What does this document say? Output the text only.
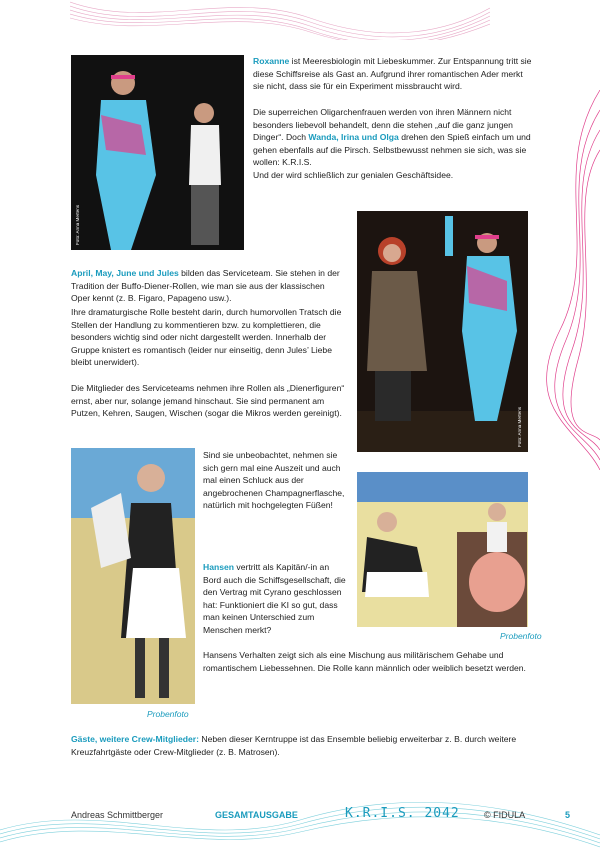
Foto: Anna Mertens

Roxanne ist Meeresbiologin mit Liebeskummer. Zur Entspannung tritt sie diese Schiffsreise als Gast an. Aufgrund ihrer romantischen Ader merkt sie nicht, dass sie für ein Experiment missbraucht wird.

Die superreichen Oligarchenfrauen werden von ihren Männern nicht besonders liebevoll behandelt, denn die stehen „auf die ganz jungen Dinger“. Doch Wanda, Irina und Olga drehen den Spieß einfach um und gehen ebenfalls auf die Pirsch. Selbstbewusst nehmen sie sich, was sie wollen: K.R.I.S.
Und der wird schließlich zur genialen Geschäftsidee.

Foto: Anna Mertens

April, May, June und Jules bilden das Serviceteam. Sie stehen in der Tradition der Buffo-Diener-Rollen, wie man sie aus der klassischen Oper kennt (z. B. Figaro, Papageno usw.).

Ihre dramaturgische Rolle besteht darin, durch humorvollen Tratsch die Stellen der Handlung zu kommentieren bzw. zu komplettieren, die besonders wichtig sind oder nicht dargestellt werden. Innerhalb der Gruppe knistert es romantisch (leider nur einseitig, denn Jules’ Liebe bleibt unerwidert).

Die Mitglieder des Serviceteams nehmen ihre Rollen als „Dienerfiguren“ ernst, aber nur, solange jemand hinschaut. Sie sind permanent am Putzen, Kehren, Saugen, Wischen (sogar die Mikros werden gereinigt).

Probenfoto

Sind sie unbeobachtet, nehmen sie sich gern mal eine Auszeit und auch mal einen Schluck aus der angebrochenen Champagnerflasche, natürlich mit hochgelegten Füßen!

Probenfoto

Hansen vertritt als Kapitän/-in an Bord auch die Schiffsgesellschaft, die den Vertrag mit Cyrano geschlossen hat: Funktioniert die KI so gut, dass man keinen Unterschied zum Menschen merkt?

Hansens Verhalten zeigt sich als eine Mischung aus militärischem Gehabe und romantischem Liebessehnen. Die Rolle kann männlich oder weiblich besetzt werden.

Gäste, weitere Crew-Mitglieder: Neben dieser Kerntruppe ist das Ensemble beliebig erweiterbar z. B. durch weitere Kreuzfahrtgäste oder Crew-Mitglieder (z. B. Matrosen).

Andreas Schmittberger	GESAMTAUSGABE	K.R.I.S. 2042	© FIDULA	5
